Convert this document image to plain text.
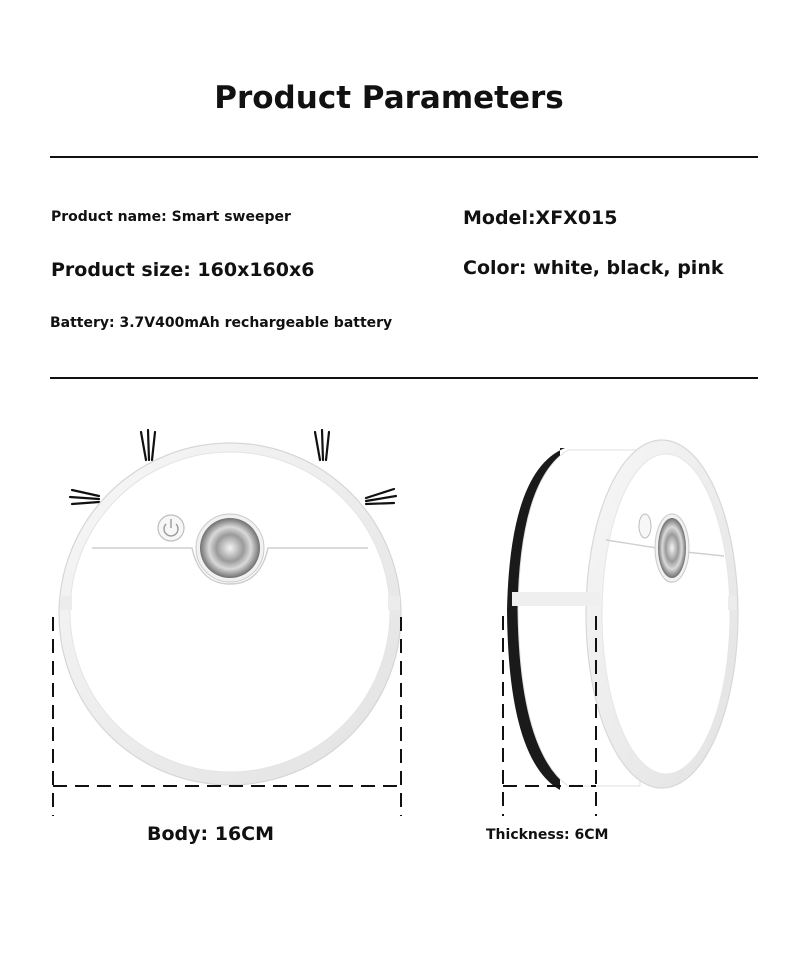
Product Parameters
Product name: Smart sweeper	Model:XFX015
Product size: 160x160x6	Color: white, black, pink
Battery: 3.7V400mAh rechargeable battery
Body: 16CM	Thickness: 6CM
